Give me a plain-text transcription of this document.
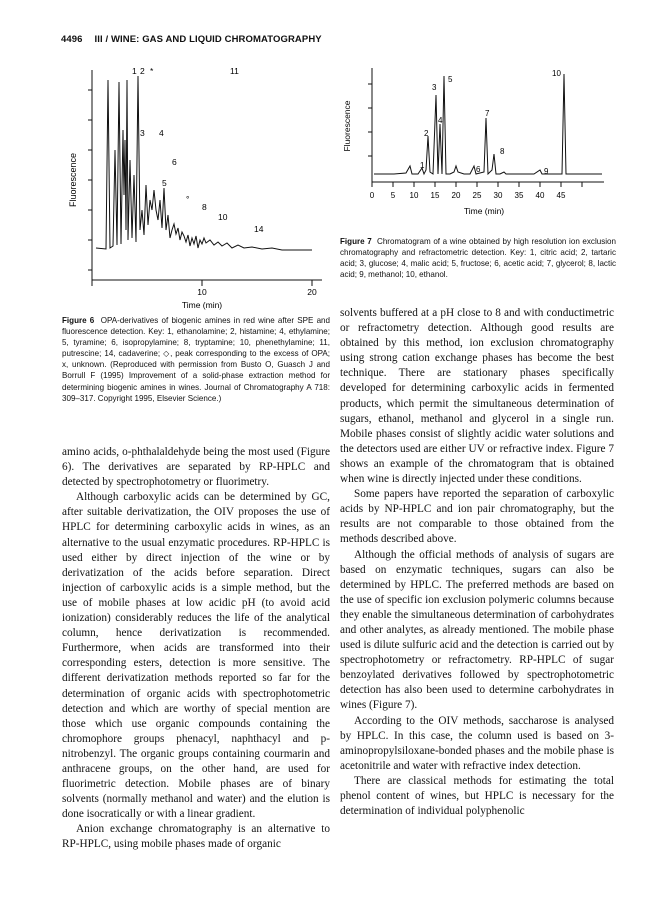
4496 III / WINE: GAS AND LIQUID CHROMATOGRAPHY
Fluorescence
10	20
Time (min)
1 2 *	11
3 4
6
5
°
8
10
14
Fluorescence
0 5 10 15 20 25 30 35 40 45
Time (min)
1
2
3
4
5
6
7
8
9
10
Figure 6 OPA-derivatives of biogenic amines in red wine after SPE and fluorescence detection. Key: 1, ethanolamine; 2, histamine; 4, ethylamine; 5, tyramine; 6, isopropylamine; 8, tryptamine; 10, phenethylamine; 11, putrescine; 14, cadaverine; ◇, peak corresponding to the excess of OPA; x, unknown. (Reproduced with permission from Busto O, Guasch J and Borrull F (1995) Improvement of a solid-phase extraction method for determining biogenic amines in wines. Journal of Chromatography A 718: 309–317. Copyright 1995, Elsevier Science.)
Figure 7 Chromatogram of a wine obtained by high resolution ion exclusion chromatography and refractometric detection. Key: 1, citric acid; 2, tartaric acid; 3, glucose; 4, malic acid; 5, fructose; 6, acetic acid; 7, glycerol; 8, lactic acid; 9, methanol; 10, ethanol.

amino acids, o-phthalaldehyde being the most used (Figure 6). The derivatives are separated by RP-HPLC and detected by spectrophotometry or fluorimetry.

Although carboxylic acids can be determined by GC, after suitable derivatization, the OIV proposes the use of HPLC for determining carboxylic acids in wines, as an alternative to the usual enzymatic procedures. RP-HPLC is used either by direct injection of the wine or by derivatization of the acids before separation. Direct injection of carboxylic acids is a simple method, but the use of mobile phases at low acidic pH (to avoid acid ionization) considerably reduces the life of the analytical column, hence derivatization is recommended. Furthermore, when acids are transformed into their corresponding esters, detection is more sensitive. The different derivatization methods reported so far for the determination of organic acids with spectrophotometric detection and which are worthy of special mention are those which use organic compounds containing the chromophore groups phenacyl, naphthacyl and p-nitrobenzyl. The organic groups containing courmarin and anthracene groups, on the other hand, are used for fluorimetric detection. Mobile phases are of binary solvents (normally methanol and water) and the elution is done isocratically or with a linear gradient.

Anion exchange chromatography is an alternative to RP-HPLC, using mobile phases made of organic

solvents buffered at a pH close to 8 and with conductimetric or refractometry detection. Although good results are obtained by this method, ion exclusion chromatography using strong cation exchange phases has become the best technique. There are stationary phases specifically developed for determining carboxylic acids in fermented products, which permit the simultaneous determination of sugars, ethanol, methanol and glycerol in a single run. Mobile phases consist of slightly acidic water solutions and the detectors used are either UV or refractive index. Figure 7 shows an example of the chromatogram that is obtained when wine is directly injected under these conditions.

Some papers have reported the separation of carboxylic acids by NP-HPLC and ion pair chromatography, but the results are not comparable to those obtained from the methods described above.

Although the official methods of analysis of sugars are based on enzymatic techniques, sugars can also be determined by HPLC. The preferred methods are based on the use of specific ion exclusion polymeric columns because they enable the simultaneous determination of carbohydrates and other analytes, as already mentioned. The mobile phase used is dilute sulfuric acid and the detection is carried out by spectrophotometry or refractometry. RP-HPLC of sugar benzoylated derivatives followed by spectrophotometric detection has also been used to determine carbohydrates in wines (Figure 7).

According to the OIV methods, saccharose is analysed by HPLC. In this case, the column used is based on 3-aminopropylsiloxane-bonded phases and the mobile phase is acetonitrile and water with refractive index detection.

There are classical methods for estimating the total phenol content of wines, but HPLC is necessary for the determination of individual polyphenolic
